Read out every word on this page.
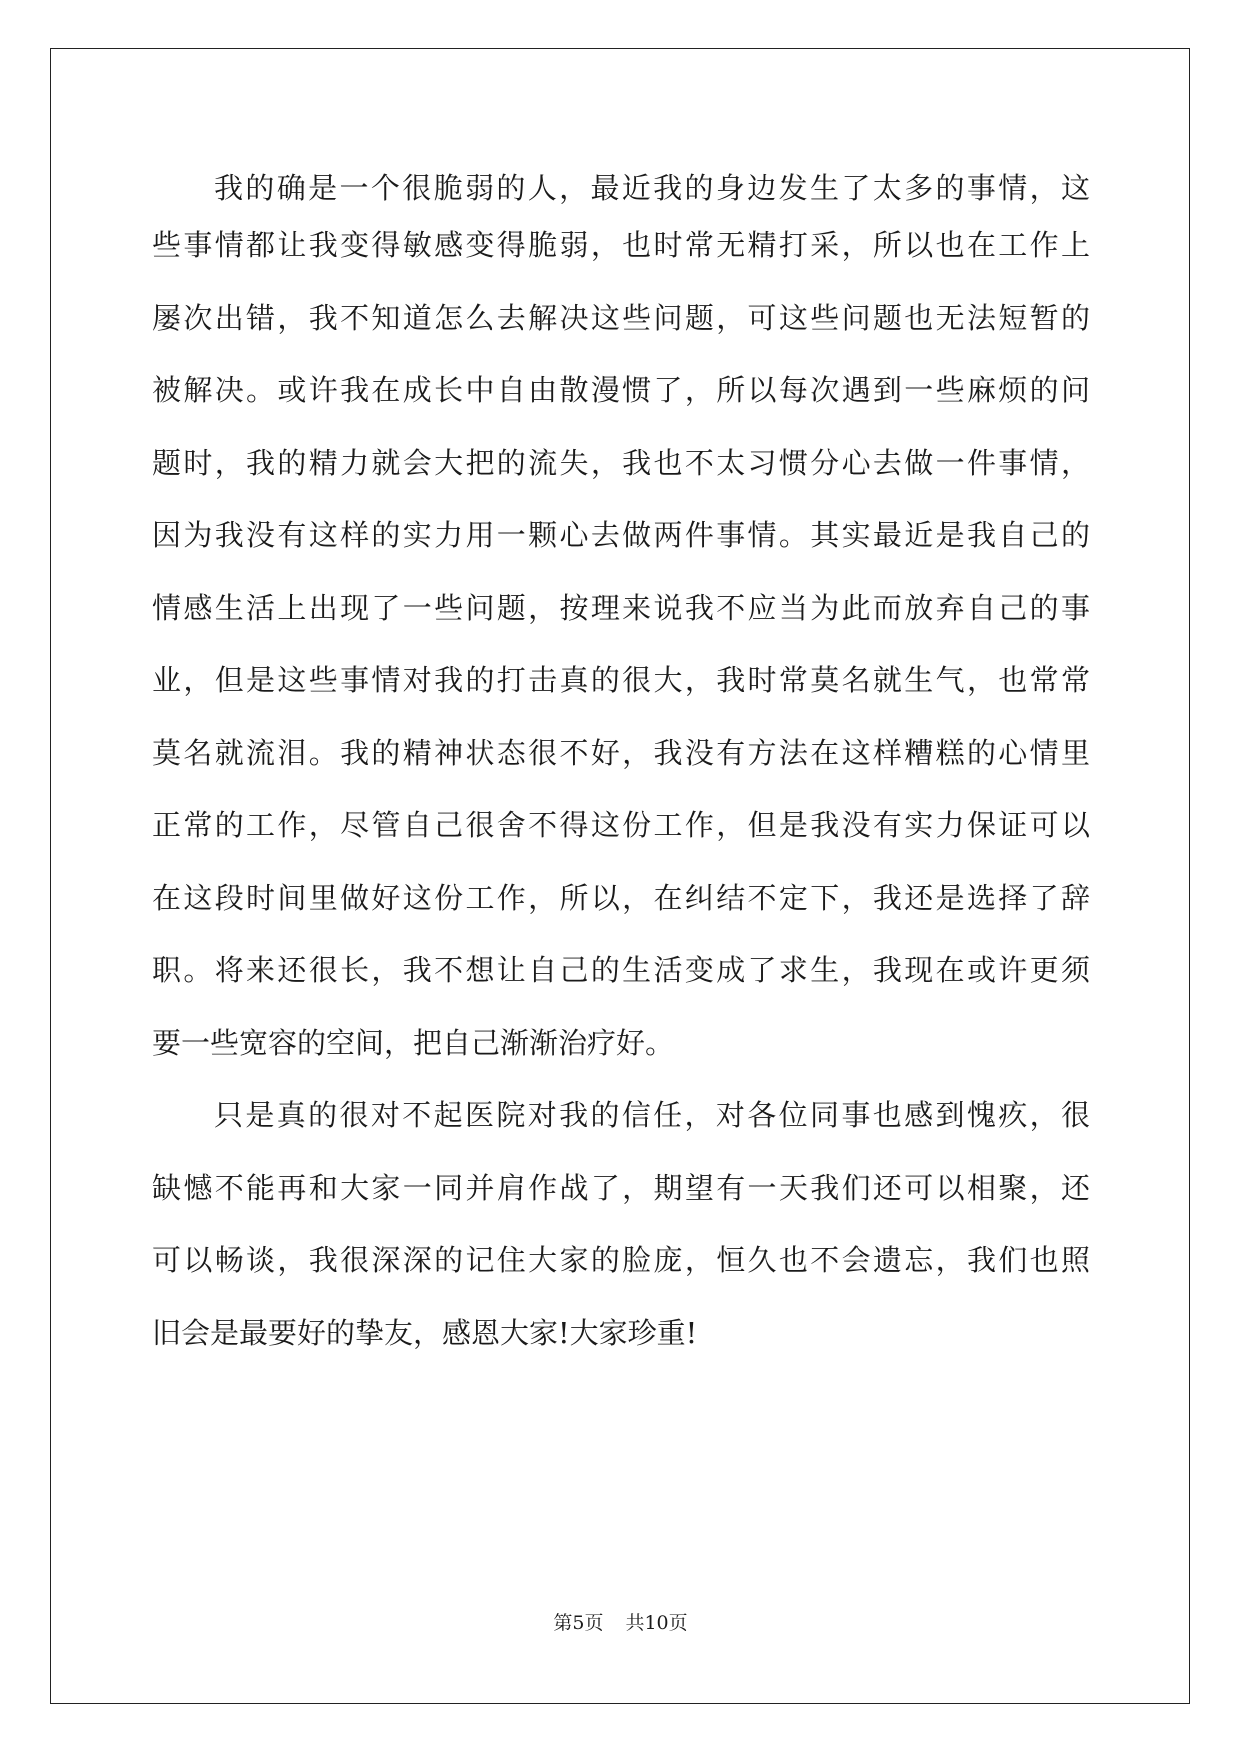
我的确是一个很脆弱的人，最近我的身边发生了太多的事情，这
些事情都让我变得敏感变得脆弱，也时常无精打采，所以也在工作上
屡次出错，我不知道怎么去解决这些问题，可这些问题也无法短暂的
被解决。或许我在成长中自由散漫惯了，所以每次遇到一些麻烦的问
题时，我的精力就会大把的流失，我也不太习惯分心去做一件事情，
因为我没有这样的实力用一颗心去做两件事情。其实最近是我自己的
情感生活上出现了一些问题，按理来说我不应当为此而放弃自己的事
业，但是这些事情对我的打击真的很大，我时常莫名就生气，也常常
莫名就流泪。我的精神状态很不好，我没有方法在这样糟糕的心情里
正常的工作，尽管自己很舍不得这份工作，但是我没有实力保证可以
在这段时间里做好这份工作，所以，在纠结不定下，我还是选择了辞
职。将来还很长，我不想让自己的生活变成了求生，我现在或许更须
要一些宽容的空间，把自己渐渐治疗好。
只是真的很对不起医院对我的信任，对各位同事也感到愧疚，很
缺憾不能再和大家一同并肩作战了，期望有一天我们还可以相聚，还
可以畅谈，我很深深的记住大家的脸庞，恒久也不会遗忘，我们也照
旧会是最要好的挚友，感恩大家!大家珍重!
第5页 共10页
